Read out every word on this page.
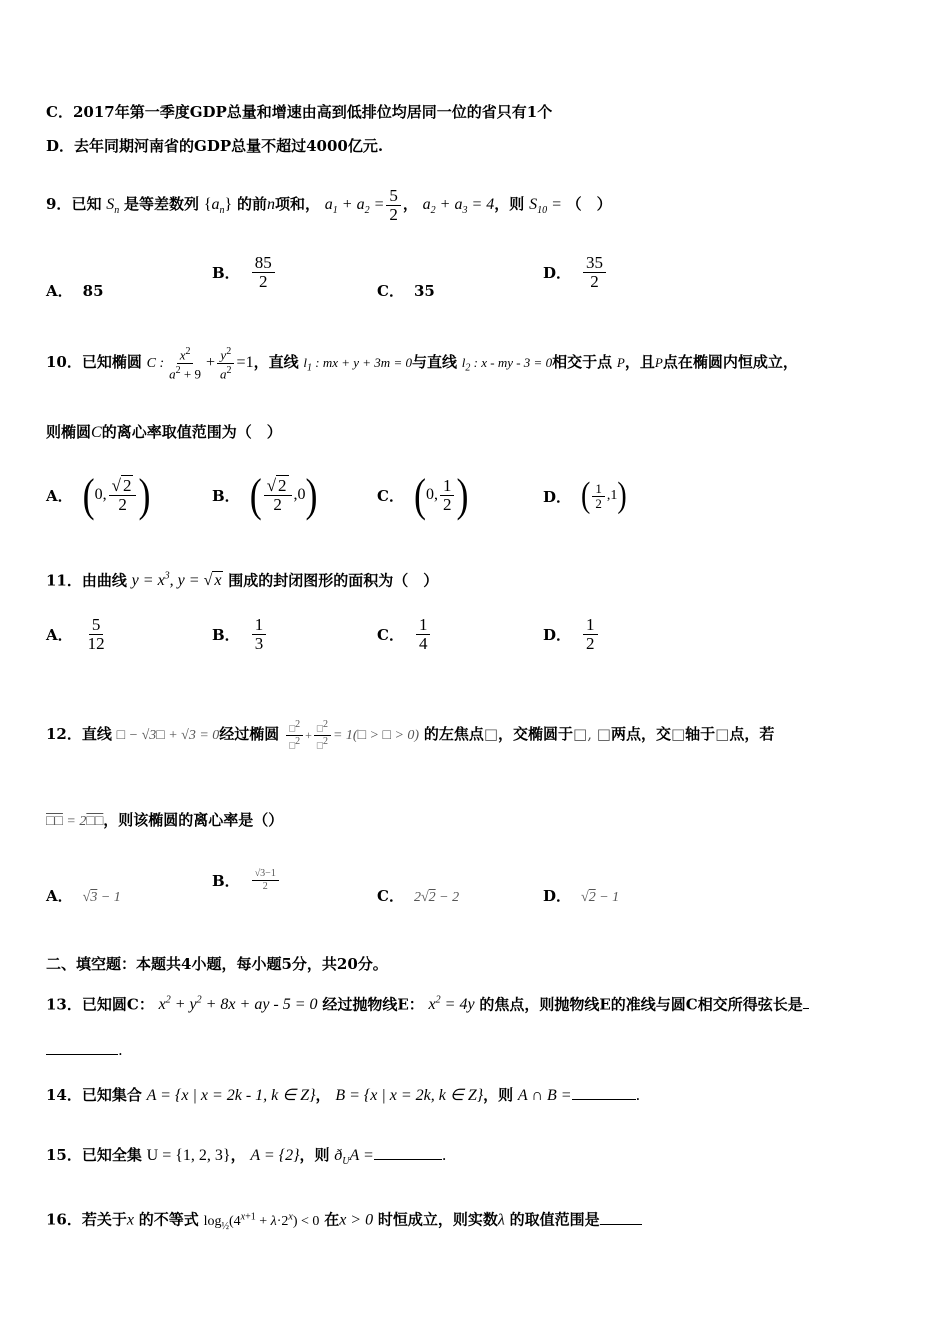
C．2017年第一季度GDP总量和增速由高到低排位均居同一位的省只有1个
D．去年同期河南省的GDP总量不超过4000亿元.
9．已知 $S_n$ 是等差数列 $\{a_n\}$ 的前n项和， $a_1 + a_2 = \frac{5}{2}$ ， $a_2 + a_3 = 4$，则 $S_{10}$ = （　）
A． 85
B． $\frac{85}{2}$	C． 35
D． $\frac{35}{2}$
10．已知椭圆 C : $\frac{x^2}{a^2 + 9} + \frac{y^2}{a^2} =1$，直线 $l_1$ : mx + y + 3m = 0与直线 $l_2$ : x - my - 3 = 0相交于点 P，且P点在椭圆内恒成立，
则椭圆C的离心率取值范围为（　）
A． (0, $\frac{√ 2}{2}$ )	B． ( $\frac{√ 2}{2} ,0$)	C． (0, $\frac{1}{2}$ )	D． ( $\frac{1}{2} ,1$)
11．由曲线 $y = x^3$, y = √ x 围成的封闭图形的面积为（　）
A． $\frac{5}{12}$	B． $\frac{1}{3}$	C． $\frac{1}{4}$	D． $\frac{1}{2}$
12．直线 □ − √3□ + √3 = 0经过椭圆 $\frac{□^2}{□^2} + \frac{□^2}{□^2}$ = 1(□ > □ > 0) 的左焦点□，交椭圆于□, □两点，交□轴于□点，若
□□ = 2□□，则该椭圆的离心率是（）
A． √3 − 1
B． $\frac{√3-1}{2}$
C． 2√2 − 2	D． √2 − 1
二、填空题：本题共4小题，每小题5分，共20分。
13．已知圆C： $x^2 + y^2 + 8x$ + ay - 5 = 0 经过抛物线E： $x^2 = 4y$ 的焦点，则抛物线E的准线与圆C相交所得弦长是
.
14．已知集合 A = {x | x = 2k - 1, k ∈ Z}， B = {x | x = 2k, k ∈ Z}，则 A ∩ B =	.
15．已知全集 U = {1, 2, 3}， A = {2}，则 $ð_UA$ =	.
16．若关于x 的不等式 $\log_{\frac{1}{2}}(4^{x+1} + \lambda\cdot 2^x) < 0$ 在x > 0 时恒成立，则实数λ 的取值范围是
